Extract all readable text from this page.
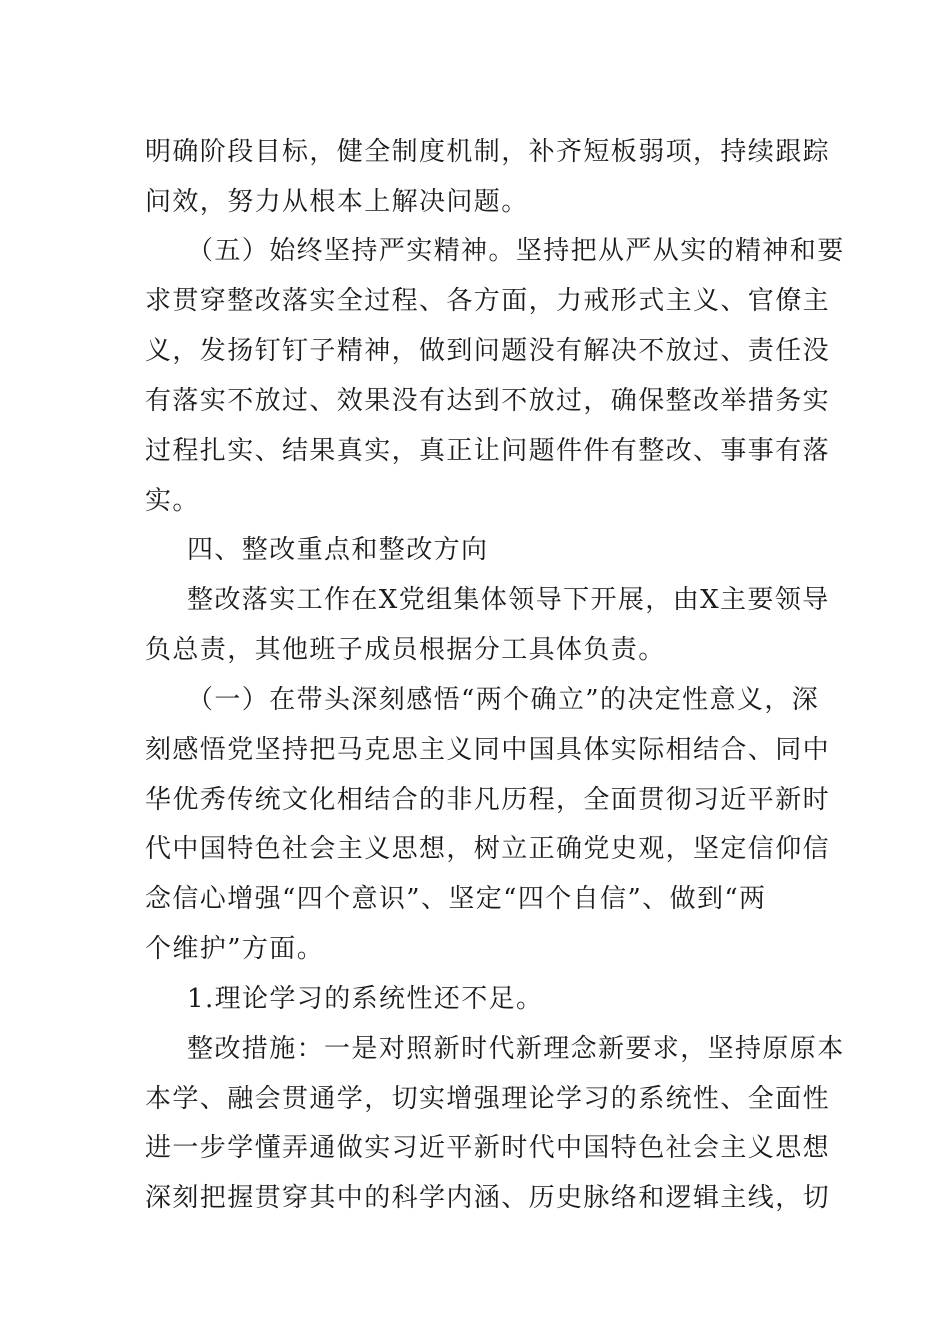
明确阶段目标，健全制度机制，补齐短板弱项，持续跟踪
问效，努力从根本上解决问题。
（五）始终坚持严实精神。坚持把从严从实的精神和要
求贯穿整改落实全过程、各方面，力戒形式主义、官僚主
义，发扬钉钉子精神，做到问题没有解决不放过、责任没
有落实不放过、效果没有达到不放过，确保整改举措务实
过程扎实、结果真实，真正让问题件件有整改、事事有落
实。
四、整改重点和整改方向
整改落实工作在X党组集体领导下开展，由X主要领导
负总责，其他班子成员根据分工具体负责。
（一）在带头深刻感悟“两个确立”的决定性意义，深
刻感悟党坚持把马克思主义同中国具体实际相结合、同中
华优秀传统文化相结合的非凡历程，全面贯彻习近平新时
代中国特色社会主义思想，树立正确党史观，坚定信仰信
念信心增强“四个意识”、坚定“四个自信”、做到“两
个维护”方面。
1.理论学习的系统性还不足。
整改措施：一是对照新时代新理念新要求，坚持原原本
本学、融会贯通学，切实增强理论学习的系统性、全面性
进一步学懂弄通做实习近平新时代中国特色社会主义思想
深刻把握贯穿其中的科学内涵、历史脉络和逻辑主线，切
